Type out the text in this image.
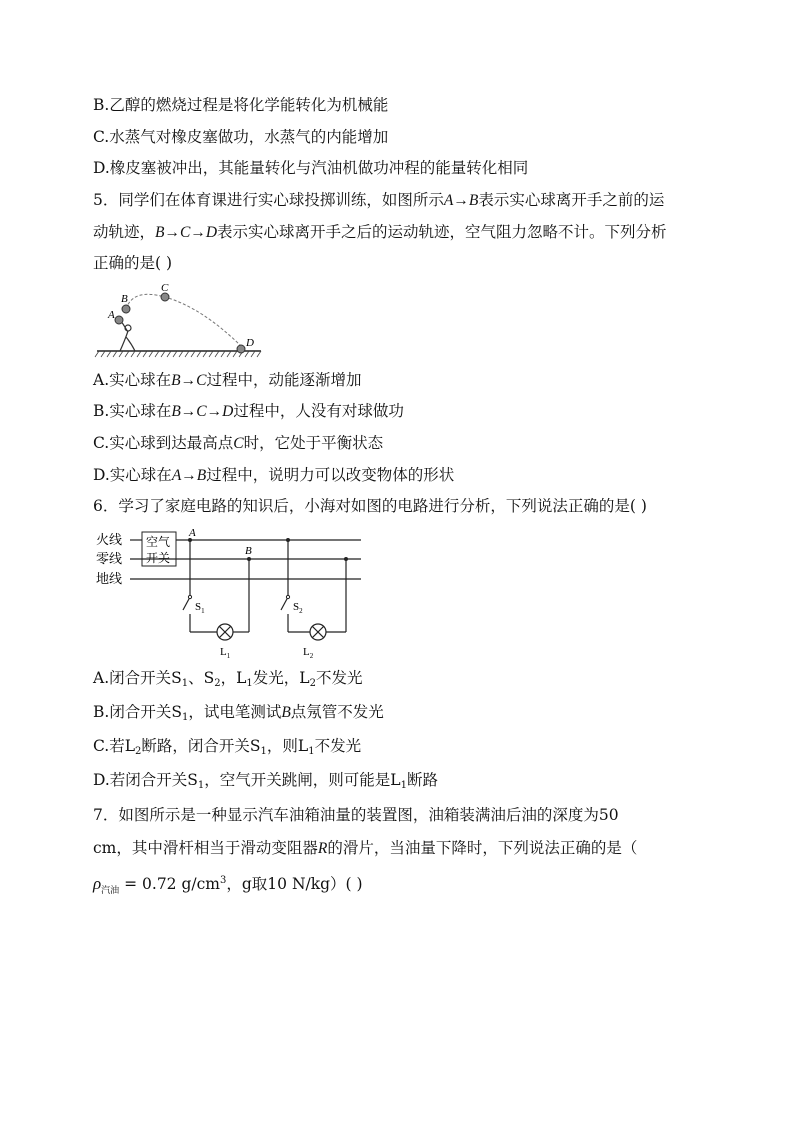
B.乙醇的燃烧过程是将化学能转化为机械能
C.水蒸气对橡皮塞做功，水蒸气的内能增加
D.橡皮塞被冲出，其能量转化与汽油机做功冲程的能量转化相同
5．同学们在体育课进行实心球投掷训练，如图所示A→B表示实心球离开手之前的运
动轨迹，B→C→D表示实心球离开手之后的运动轨迹，空气阻力忽略不计。下列分析
正确的是( )
A
B
C
D
A.实心球在B→C过程中，动能逐渐增加
B.实心球在B→C→D过程中，人没有对球做功
C.实心球到达最高点C时，它处于平衡状态
D.实心球在A→B过程中，说明力可以改变物体的形状
6．学习了家庭电路的知识后，小海对如图的电路进行分析，下列说法正确的是( )
火线
零线
地线
空气
开关
A
B
$S_1$
$L_1$
$S_2$
$L_2$
A.闭合开关$S_1$、$S_2$，$L_1$发光，$L_2$不发光
B.闭合开关$S_1$，试电笔测试B点氖管不发光
C.若$L_2$断路，闭合开关$S_1$，则$L_1$不发光
D.若闭合开关$S_1$，空气开关跳闸，则可能是$L_1$断路
7．如图所示是一种显示汽车油箱油量的装置图，油箱装满油后油的深度为50
cm，其中滑杆相当于滑动变阻器R的滑片，当油量下降时，下列说法正确的是（
$\rho_{汽油} = 0.72$ $g/cm^3$，g取10 N/kg）( )
